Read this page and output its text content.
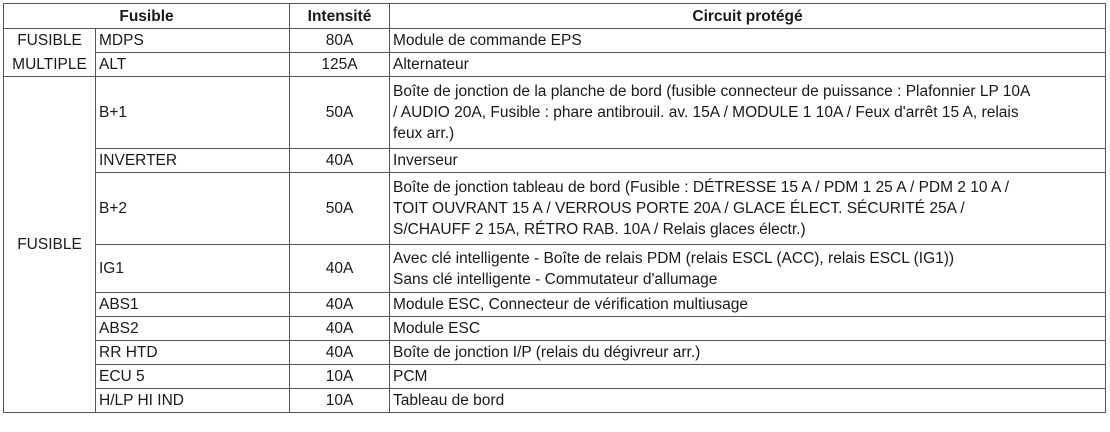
Fusible		Intensité	Circuit protégé
FUSIBLE	MDPS	80A	Module de commande EPS
MULTIPLE	ALT	125A	Alternateur
FUSIBLE	B+1	50A	Boîte de jonction de la planche de bord (fusible connecteur de puissance : Plafonnier LP 10A
/ AUDIO 20A, Fusible : phare antibrouil. av. 15A / MODULE 1 10A / Feux d'arrêt 15 A, relais
feux arr.)

	INVERTER	40A	Inverseur
	B+2	50A	Boîte de jonction tableau de bord (Fusible : DÉTRESSE 15 A / PDM 1 25 A / PDM 2 10 A /
TOIT OUVRANT 15 A / VERROUS PORTE 20A / GLACE ÉLECT. SÉCURITÉ 25A /
S/CHAUFF 2 15A, RÉTRO RAB. 10A / Relais glaces électr.)

	IG1	40A	Avec clé intelligente - Boîte de relais PDM (relais ESCL (ACC), relais ESCL (IG1))
Sans clé intelligente - Commutateur d'allumage

	ABS1	40A	Module ESC, Connecteur de vérification multiusage
	ABS2	40A	Module ESC
	RR HTD	40A	Boîte de jonction I/P (relais du dégivreur arr.)
	ECU 5	10A	PCM
	H/LP HI IND	10A	Tableau de bord
